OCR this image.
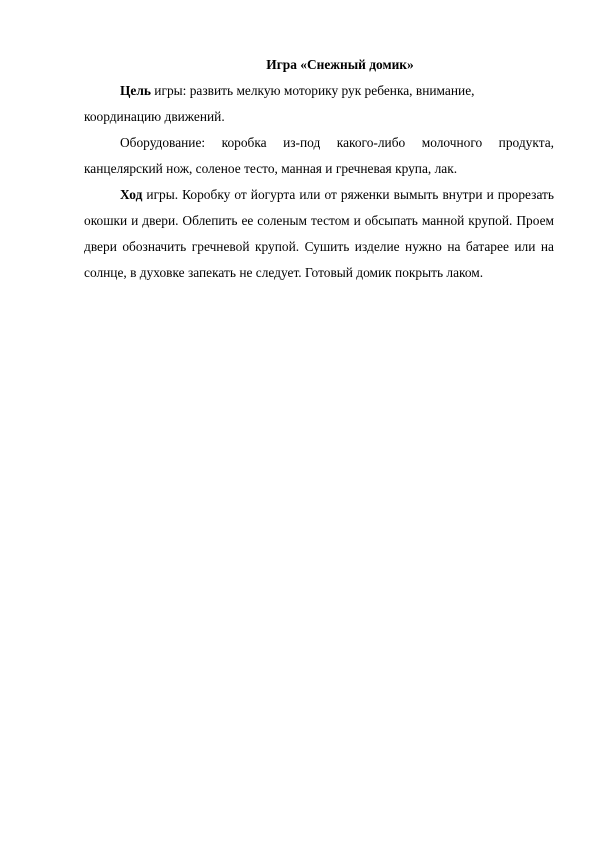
Игра «Снежный домик»

Цель игры: развить мелкую моторику рук ребенка, внимание, координацию движений.

Оборудование: коробка из-под какого-либо молочного продукта, канцелярский нож, соленое тесто, манная и гречневая крупа, лак.

Ход игры. Коробку от йогурта или от ряженки вымыть внутри и прорезать окошки и двери. Облепить ее соленым тестом и обсыпать манной крупой. Проем двери обозначить гречневой крупой. Сушить изделие нужно на батарее или на солнце, в духовке запекать не следует. Готовый домик покрыть лаком.
